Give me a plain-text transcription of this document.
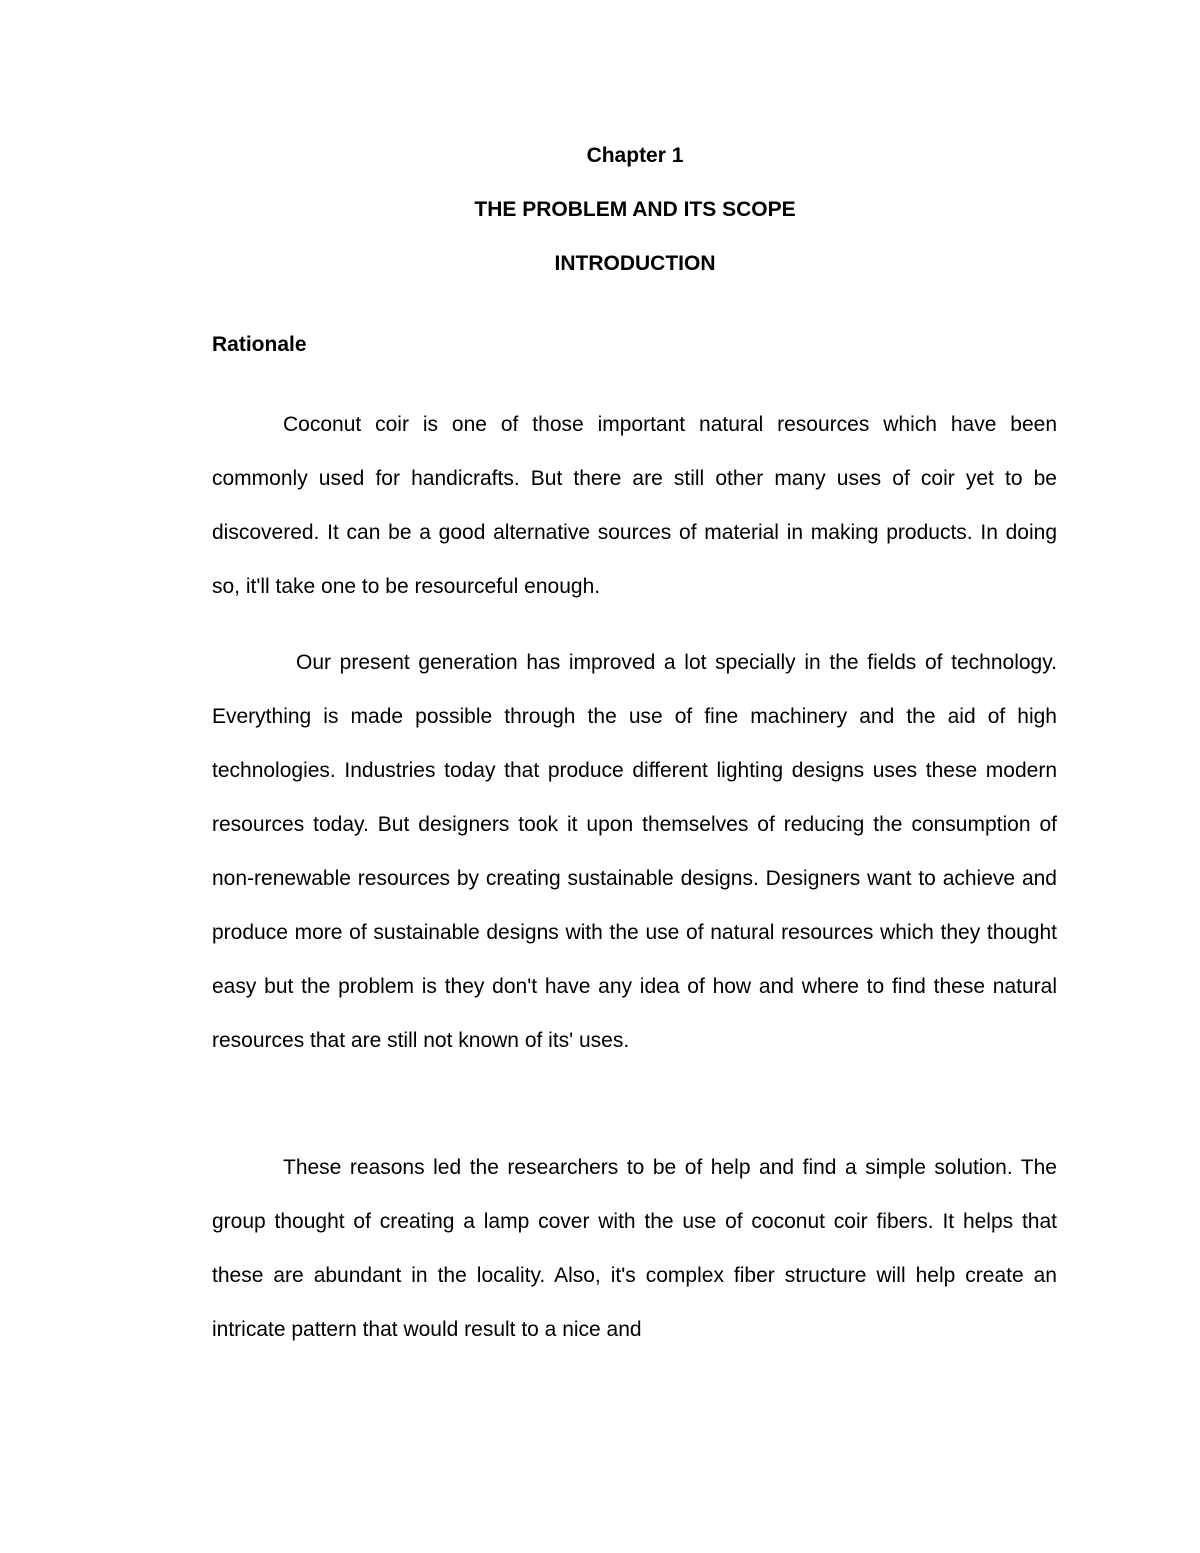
Chapter 1
THE PROBLEM AND ITS SCOPE
INTRODUCTION
Rationale

Coconut coir is one of those important natural resources which have been commonly used for handicrafts. But there are still other many uses of coir yet to be discovered. It can be a good alternative sources of material in making products. In doing so, it'll take one to be resourceful enough.

Our present generation has improved a lot specially in the fields of technology. Everything is made possible through the use of fine machinery and the aid of high technologies. Industries today that produce different lighting designs uses these modern resources today. But designers took it upon themselves of reducing the consumption of non-renewable resources by creating sustainable designs. Designers want to achieve and produce more of sustainable designs with the use of natural resources which they thought easy but the problem is they don't have any idea of how and where to find these natural resources that are still not known of its' uses.

These reasons led the researchers to be of help and find a simple solution. The group thought of creating a lamp cover with the use of coconut coir fibers. It helps that these are abundant in the locality. Also, it's complex fiber structure will help create an intricate pattern that would result to a nice and
